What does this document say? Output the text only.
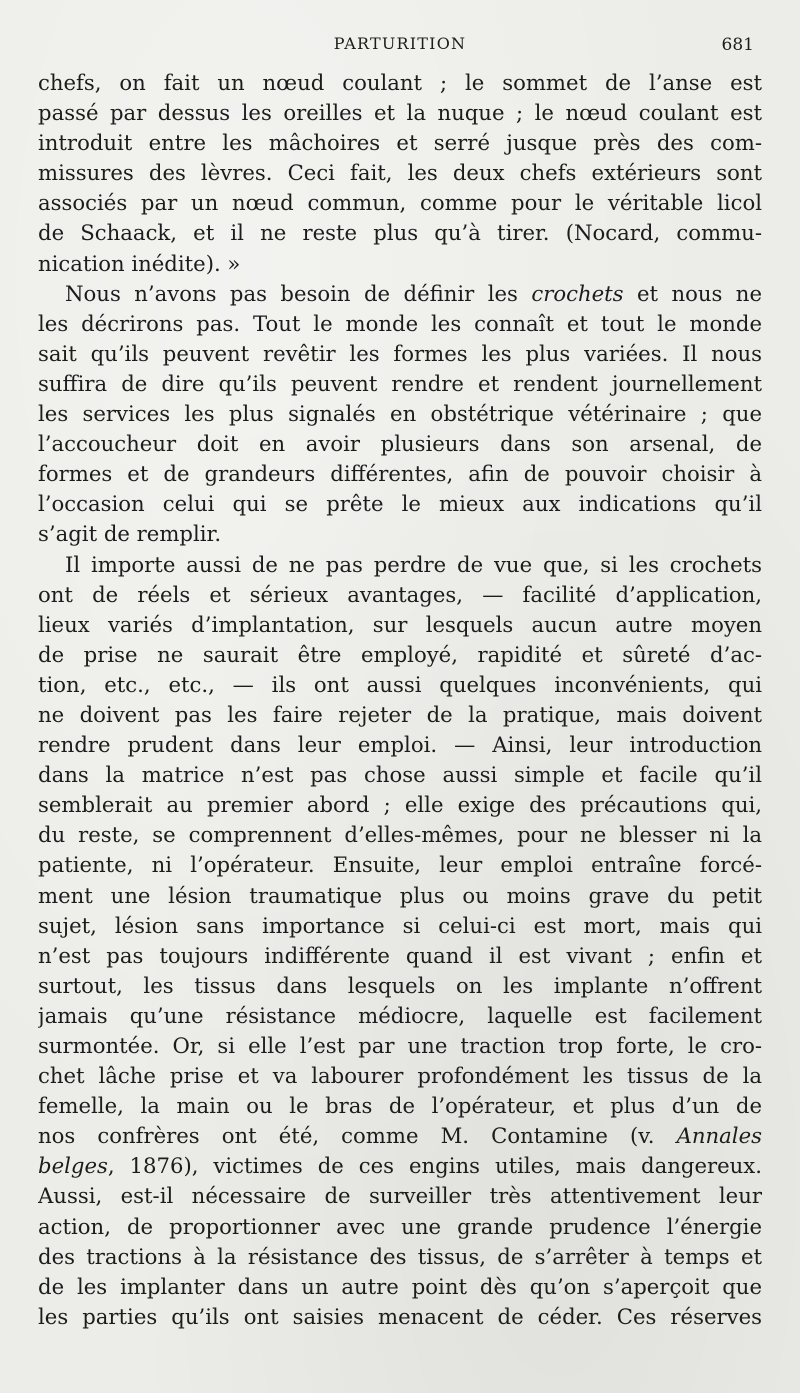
PARTURITION	681
chefs, on fait un nœud coulant ; le sommet de l’anse est
passé par dessus les oreilles et la nuque ; le nœud coulant est
introduit entre les mâchoires et serré jusque près des com-
missures des lèvres. Ceci fait, les deux chefs extérieurs sont
associés par un nœud commun, comme pour le véritable licol
de Schaack, et il ne reste plus qu’à tirer. (Nocard, commu-
nication inédite). »
Nous n’avons pas besoin de définir les crochets et nous ne
les décrirons pas. Tout le monde les connaît et tout le monde
sait qu’ils peuvent revêtir les formes les plus variées. Il nous
suffira de dire qu’ils peuvent rendre et rendent journellement
les services les plus signalés en obstétrique vétérinaire ; que
l’accoucheur doit en avoir plusieurs dans son arsenal, de
formes et de grandeurs différentes, afin de pouvoir choisir à
l’occasion celui qui se prête le mieux aux indications qu’il
s’agit de remplir.
Il importe aussi de ne pas perdre de vue que, si les crochets
ont de réels et sérieux avantages, — facilité d’application,
lieux variés d’implantation, sur lesquels aucun autre moyen
de prise ne saurait être employé, rapidité et sûreté d’ac-
tion, etc., etc., — ils ont aussi quelques inconvénients, qui
ne doivent pas les faire rejeter de la pratique, mais doivent
rendre prudent dans leur emploi. — Ainsi, leur introduction
dans la matrice n’est pas chose aussi simple et facile qu’il
semblerait au premier abord ; elle exige des précautions qui,
du reste, se comprennent d’elles-mêmes, pour ne blesser ni la
patiente, ni l’opérateur. Ensuite, leur emploi entraîne forcé-
ment une lésion traumatique plus ou moins grave du petit
sujet, lésion sans importance si celui-ci est mort, mais qui
n’est pas toujours indifférente quand il est vivant ; enfin et
surtout, les tissus dans lesquels on les implante n’offrent
jamais qu’une résistance médiocre, laquelle est facilement
surmontée. Or, si elle l’est par une traction trop forte, le cro-
chet lâche prise et va labourer profondément les tissus de la
femelle, la main ou le bras de l’opérateur, et plus d’un de
nos confrères ont été, comme M. Contamine (v. Annales
belges, 1876), victimes de ces engins utiles, mais dangereux.
Aussi, est-il nécessaire de surveiller très attentivement leur
action, de proportionner avec une grande prudence l’énergie
des tractions à la résistance des tissus, de s’arrêter à temps et
de les implanter dans un autre point dès qu’on s’aperçoit que
les parties qu’ils ont saisies menacent de céder. Ces réserves
